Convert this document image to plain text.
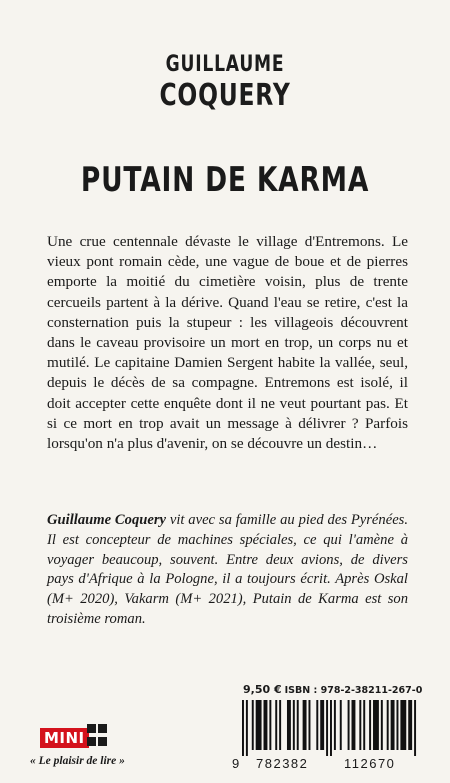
GUILLAUME
COQUERY
PUTAIN DE KARMA

Une crue centennale dévaste le village d'Entremons. Le vieux pont romain cède, une vague de boue et de pierres emporte la moitié du cimetière voisin, plus de trente cercueils partent à la dérive. Quand l'eau se retire, c'est la consternation puis la stupeur : les villageois découvrent dans le caveau provisoire un mort en trop, un corps nu et mutilé. Le capitaine Damien Sergent habite la vallée, seul, depuis le décès de sa compagne. Entremons est isolé, il doit accepter cette enquête dont il ne veut pourtant pas. Et si ce mort en trop avait un message à délivrer ? Parfois lorsqu'on n'a plus d'avenir, on se découvre un destin…

Guillaume Coquery vit avec sa famille au pied des Pyrénées. Il est concepteur de machines spéciales, ce qui l'amène à voyager beaucoup, souvent. Entre deux avions, de divers pays d'Afrique à la Pologne, il a toujours écrit. Après Oskal (M+ 2020), Vakarm (M+ 2021), Putain de Karma est son troisième roman.

MINI
« Le plaisir de lire »
9,50 € ISBN : 978-2-38211-267-0
9 782382	112670
